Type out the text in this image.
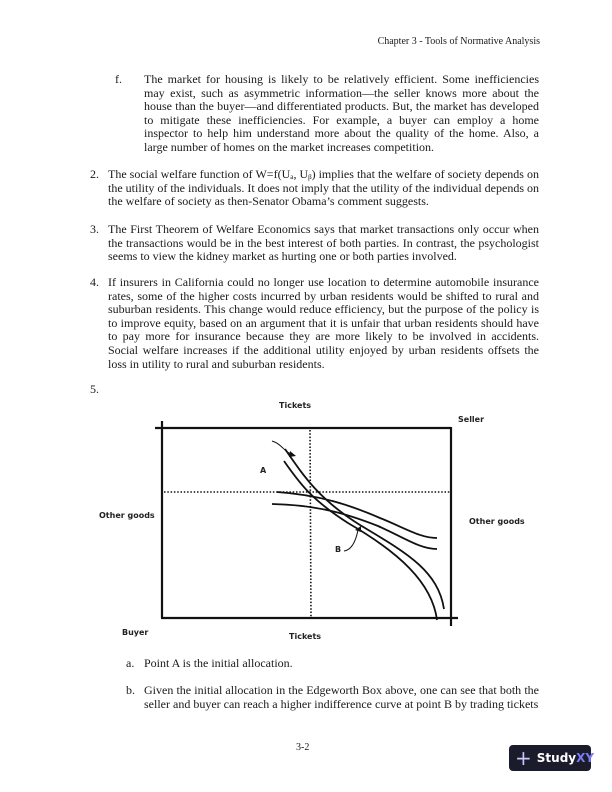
Chapter 3 - Tools of Normative Analysis
f. The market for housing is likely to be relatively efficient. Some inefficiencies may exist, such as asymmetric information—the seller knows more about the house than the buyer—and differentiated products. But, the market has developed to mitigate these inefficiencies. For example, a buyer can employ a home inspector to help him understand more about the quality of the home. Also, a large number of homes on the market increases competition.
2. The social welfare function of W=f(Uₐ, Uᵦ) implies that the welfare of society depends on the utility of the individuals. It does not imply that the utility of the individual depends on the welfare of society as then-Senator Obama’s comment suggests.
3. The First Theorem of Welfare Economics says that market transactions only occur when the transactions would be in the best interest of both parties. In contrast, the psychologist seems to view the kidney market as hurting one or both parties involved.
4. If insurers in California could no longer use location to determine automobile insurance rates, some of the higher costs incurred by urban residents would be shifted to rural and suburban residents. This change would reduce efficiency, but the purpose of the policy is to improve equity, based on an argument that it is unfair that urban residents should have to pay more for insurance because they are more likely to be involved in accidents. Social welfare increases if the additional utility enjoyed by urban residents offsets the loss in utility to rural and suburban residents.
5.
Tickets
Seller
A
Other goods
Other goods
B
Buyer	Tickets
a. Point A is the initial allocation.
b. Given the initial allocation in the Edgeworth Box above, one can see that both the seller and buyer can reach a higher indifference curve at point B by trading tickets
3-2	+ Study XY
